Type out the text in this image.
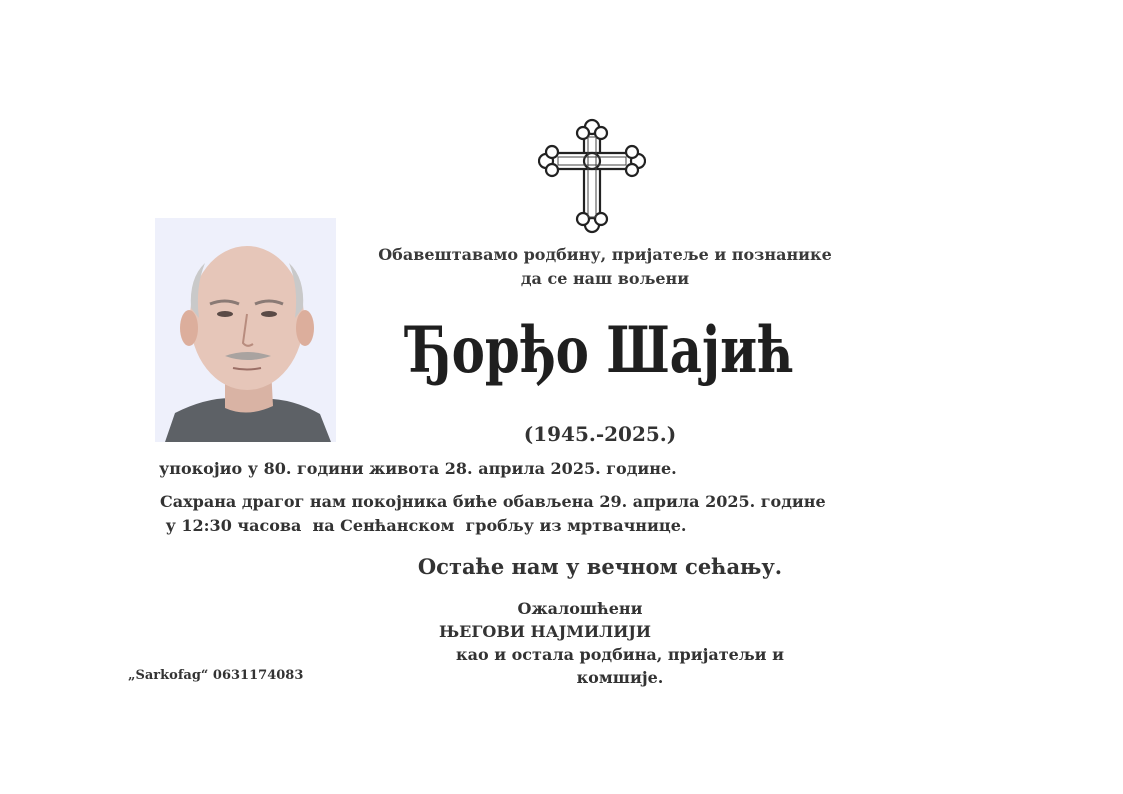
Обавештавамо родбину, пријатеље и познанике
да се наш вољени
Ђорђо Шајић
(1945.-2025.)
упокојио у 80. години живота 28. априла 2025. године.
Сахрана драгог нам покојника биће обављена 29. априла 2025. године
у 12:30 часова  на Сенћанском  гробљу из мртвачнице.
Остаће нам у вечном сећању.
Ожалошћени
ЊЕГОВИ НАЈМИЛИЈИ
као и остала родбина, пријатељи и комшије.
„Sarkofag“ 0631174083
